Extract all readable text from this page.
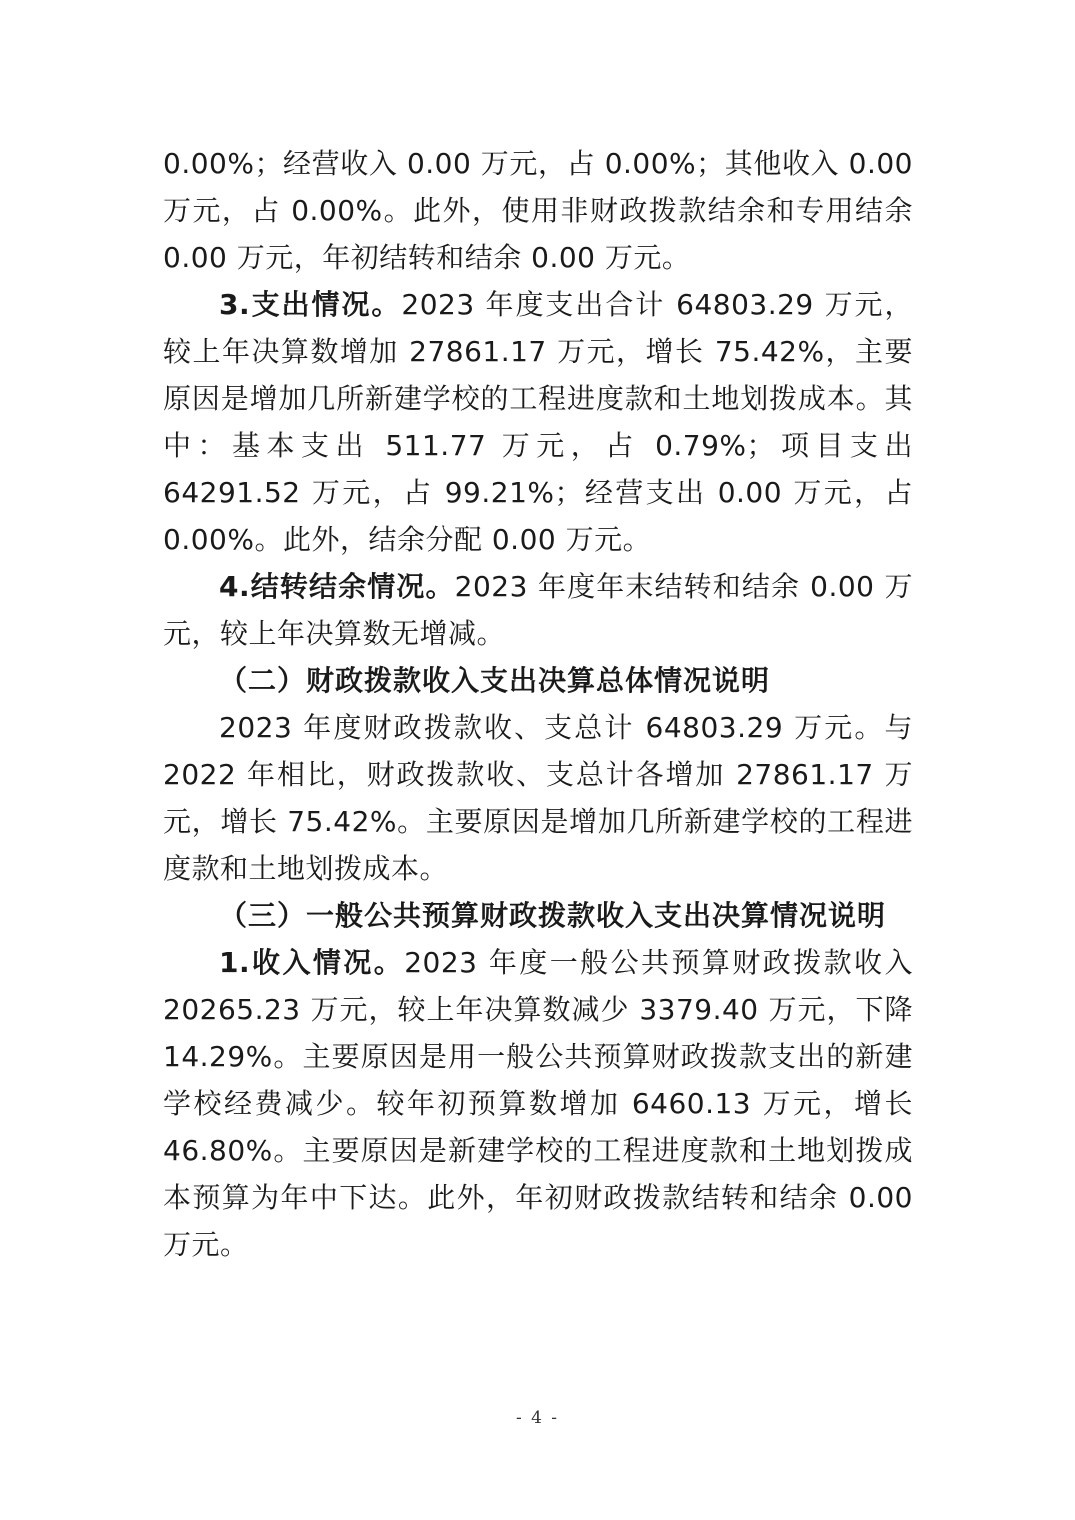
0.00%；经营收入 0.00 万元，占 0.00%；其他收入 0.00 万元，占 0.00%。此外，使用非财政拨款结余和专用结余 0.00 万元，年初结转和结余 0.00 万元。

3.支出情况。2023 年度支出合计 64803.29 万元，较上年决算数增加 27861.17 万元，增长 75.42%，主要原因是增加几所新建学校的工程进度款和土地划拨成本。其中：基本支出 511.77 万元，占 0.79%；项目支出 64291.52 万元，占 99.21%；经营支出 0.00 万元，占 0.00%。此外，结余分配 0.00 万元。

4.结转结余情况。2023 年度年末结转和结余 0.00 万元，较上年决算数无增减。

（二）财政拨款收入支出决算总体情况说明

2023 年度财政拨款收、支总计 64803.29 万元。与 2022 年相比，财政拨款收、支总计各增加 27861.17 万元，增长 75.42%。主要原因是增加几所新建学校的工程进度款和土地划拨成本。

（三）一般公共预算财政拨款收入支出决算情况说明

1.收入情况。2023 年度一般公共预算财政拨款收入 20265.23 万元，较上年决算数减少 3379.40 万元，下降 14.29%。主要原因是用一般公共预算财政拨款支出的新建学校经费减少。较年初预算数增加 6460.13 万元，增长 46.80%。主要原因是新建学校的工程进度款和土地划拨成本预算为年中下达。此外，年初财政拨款结转和结余 0.00 万元。

- 4 -
